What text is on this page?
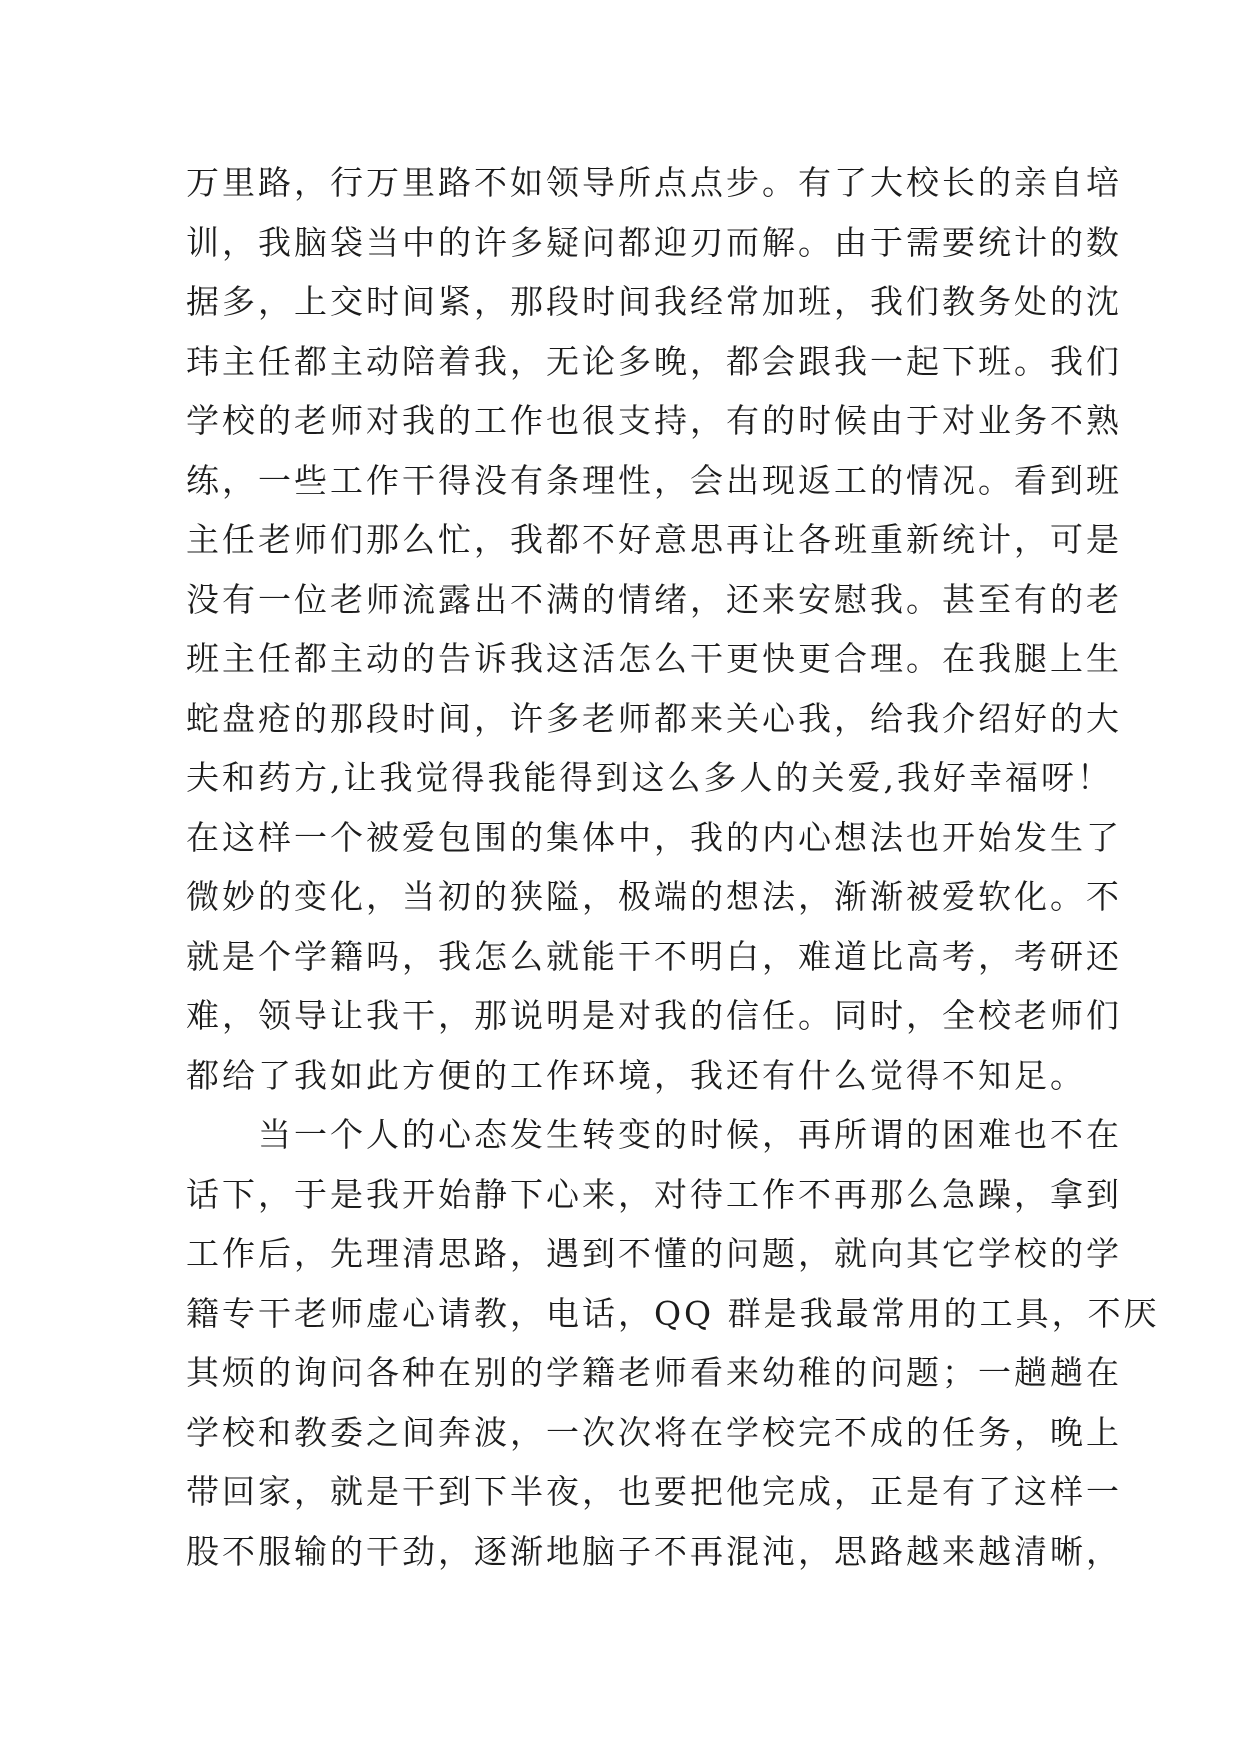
万里路，行万里路不如领导所点点步。有了大校长的亲自培
训，我脑袋当中的许多疑问都迎刃而解。由于需要统计的数
据多，上交时间紧，那段时间我经常加班，我们教务处的沈
玮主任都主动陪着我，无论多晚，都会跟我一起下班。我们
学校的老师对我的工作也很支持，有的时候由于对业务不熟
练，一些工作干得没有条理性，会出现返工的情况。看到班
主任老师们那么忙，我都不好意思再让各班重新统计，可是
没有一位老师流露出不满的情绪，还来安慰我。甚至有的老
班主任都主动的告诉我这活怎么干更快更合理。在我腿上生
蛇盘疮的那段时间，许多老师都来关心我，给我介绍好的大
夫和药方,让我觉得我能得到这么多人的关爱,我好幸福呀！
在这样一个被爱包围的集体中，我的内心想法也开始发生了
微妙的变化，当初的狭隘，极端的想法，渐渐被爱软化。不
就是个学籍吗，我怎么就能干不明白，难道比高考，考研还
难，领导让我干，那说明是对我的信任。同时，全校老师们
都给了我如此方便的工作环境，我还有什么觉得不知足。
当一个人的心态发生转变的时候，再所谓的困难也不在
话下，于是我开始静下心来，对待工作不再那么急躁，拿到
工作后，先理清思路，遇到不懂的问题，就向其它学校的学
籍专干老师虚心请教，电话，QQ 群是我最常用的工具，不厌
其烦的询问各种在别的学籍老师看来幼稚的问题；一趟趟在
学校和教委之间奔波，一次次将在学校完不成的任务，晚上
带回家，就是干到下半夜，也要把他完成，正是有了这样一
股不服输的干劲，逐渐地脑子不再混沌，思路越来越清晰，
